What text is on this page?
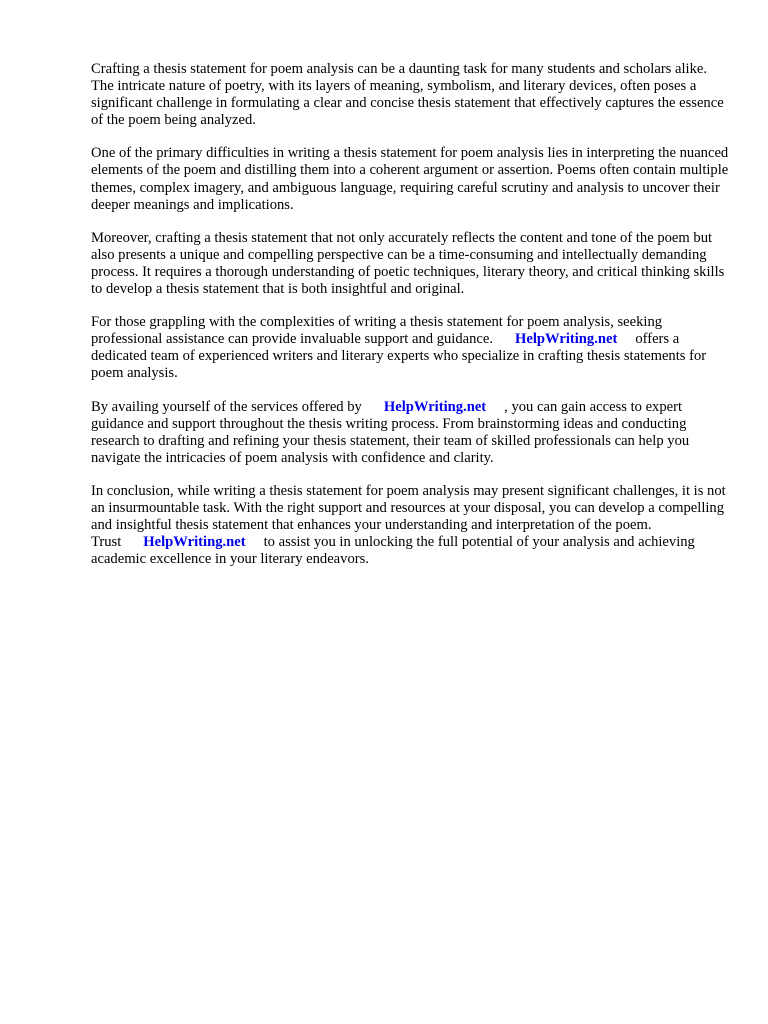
Crafting a thesis statement for poem analysis can be a daunting task for many students and scholars alike. The intricate nature of poetry, with its layers of meaning, symbolism, and literary devices, often poses a significant challenge in formulating a clear and concise thesis statement that effectively captures the essence of the poem being analyzed.

One of the primary difficulties in writing a thesis statement for poem analysis lies in interpreting the nuanced elements of the poem and distilling them into a coherent argument or assertion. Poems often contain multiple themes, complex imagery, and ambiguous language, requiring careful scrutiny and analysis to uncover their deeper meanings and implications.

Moreover, crafting a thesis statement that not only accurately reflects the content and tone of the poem but also presents a unique and compelling perspective can be a time-consuming and intellectually demanding process. It requires a thorough understanding of poetic techniques, literary theory, and critical thinking skills to develop a thesis statement that is both insightful and original.

For those grappling with the complexities of writing a thesis statement for poem analysis, seeking professional assistance can provide invaluable support and guidance. HelpWriting.net offers a dedicated team of experienced writers and literary experts who specialize in crafting thesis statements for poem analysis.

By availing yourself of the services offered by HelpWriting.net , you can gain access to expert guidance and support throughout the thesis writing process. From brainstorming ideas and conducting research to drafting and refining your thesis statement, their team of skilled professionals can help you navigate the intricacies of poem analysis with confidence and clarity.

In conclusion, while writing a thesis statement for poem analysis may present significant challenges, it is not an insurmountable task. With the right support and resources at your disposal, you can develop a compelling and insightful thesis statement that enhances your understanding and interpretation of the poem. Trust HelpWriting.net to assist you in unlocking the full potential of your analysis and achieving academic excellence in your literary endeavors.
